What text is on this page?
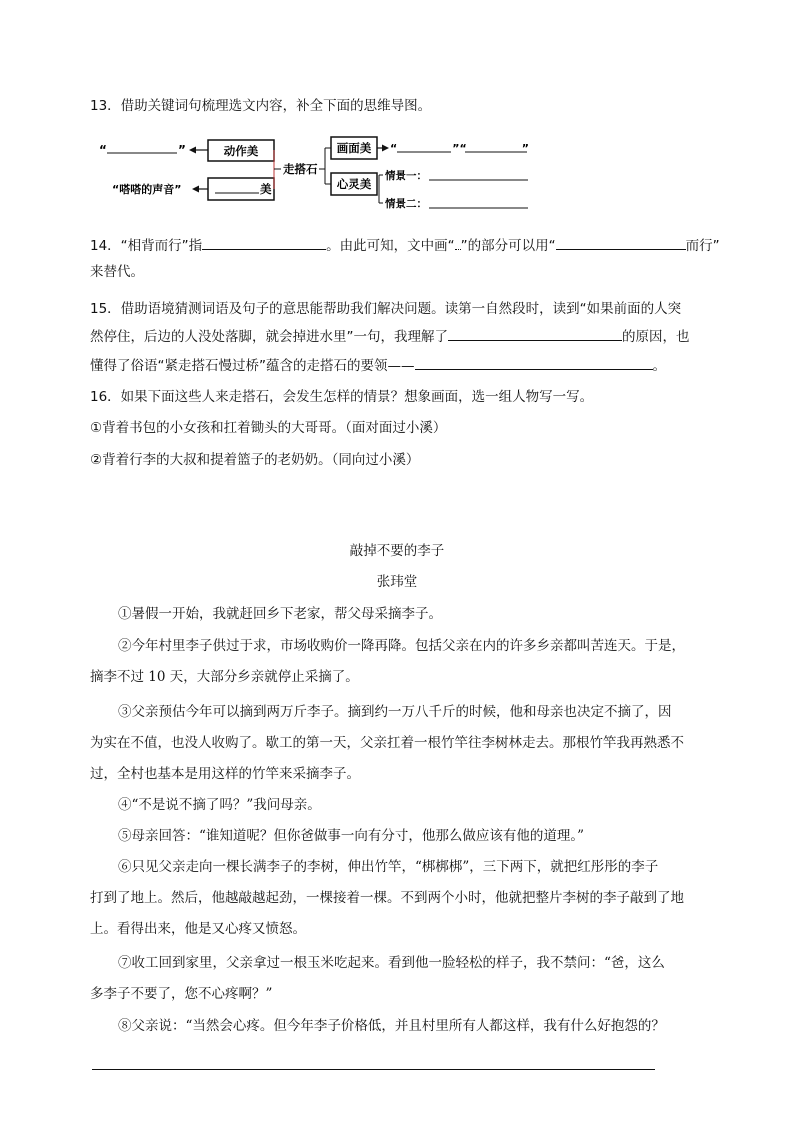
13．借助关键词句梳理选文内容，补全下面的思维导图。
“	”	动作美
“嗒嗒的声音”	美
走搭石
画面美 “　　　　　”“　　　　　”
心灵美
情景一：
情景二：
14．“相背而行”指	。由此可知，文中画“ ”的部分可以用“	而行”
来替代。
15．借助语境猜测词语及句子的意思能帮助我们解决问题。读第一自然段时，读到“如果前面的人突
然停住，后边的人没处落脚，就会掉进水里”一句，我理解了	的原因，也
懂得了俗语“紧走搭石慢过桥”蕴含的走搭石的要领——	。
16．如果下面这些人来走搭石，会发生怎样的情景？想象画面，选一组人物写一写。
①背着书包的小女孩和扛着锄头的大哥哥。（面对面过小溪）
②背着行李的大叔和提着篮子的老奶奶。（同向过小溪）
敲掉不要的李子
张玮堂
①暑假一开始，我就赶回乡下老家，帮父母采摘李子。
②今年村里李子供过于求，市场收购价一降再降。包括父亲在内的许多乡亲都叫苦连天。于是，
摘李不过 10 天，大部分乡亲就停止采摘了。
③父亲预估今年可以摘到两万斤李子。摘到约一万八千斤的时候，他和母亲也决定不摘了，因
为实在不值，也没人收购了。歇工的第一天，父亲扛着一根竹竿往李树林走去。那根竹竿我再熟悉不
过，全村也基本是用这样的竹竿来采摘李子。
④“不是说不摘了吗？”我问母亲。
⑤母亲回答：“谁知道呢？但你爸做事一向有分寸，他那么做应该有他的道理。”
⑥只见父亲走向一棵长满李子的李树，伸出竹竿，“梆梆梆”，三下两下，就把红彤彤的李子
打到了地上。然后，他越敲越起劲，一棵接着一棵。不到两个小时，他就把整片李树的李子敲到了地
上。看得出来，他是又心疼又愤怒。
⑦收工回到家里，父亲拿过一根玉米吃起来。看到他一脸轻松的样子，我不禁问：“爸，这么
多李子不要了，您不心疼啊？”
⑧父亲说：“当然会心疼。但今年李子价格低，并且村里所有人都这样，我有什么好抱怨的？
